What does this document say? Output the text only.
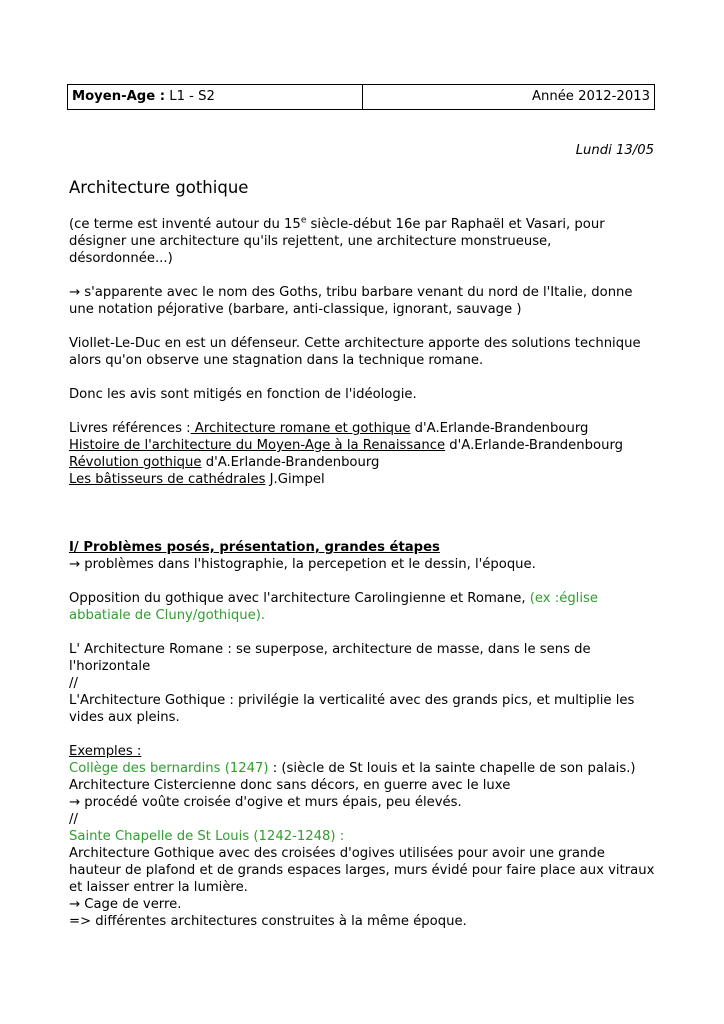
Moyen-Age : L1 - S2	Année 2012-2013
Lundi 13/05
Architecture gothique

(ce terme est inventé autour du 15e siècle-début 16e par Raphaël et Vasari, pour désigner une architecture qu'ils rejettent, une architecture monstrueuse, désordonnée...)

→ s'apparente avec le nom des Goths, tribu barbare venant du nord de l'Italie, donne une notation péjorative (barbare, anti-classique, ignorant, sauvage )

Viollet-Le-Duc en est un défenseur. Cette architecture apporte des solutions technique alors qu'on observe une stagnation dans la technique romane.

Donc les avis sont mitigés en fonction de l'idéologie.

Livres références : Architecture romane et gothique d'A.Erlande-Brandenbourg

Histoire de l'architecture du Moyen-Age à la Renaissance d'A.Erlande-Brandenbourg

Révolution gothique d'A.Erlande-Brandenbourg

Les bâtisseurs de cathédrales J.Gimpel

I/ Problèmes posés, présentation, grandes étapes

→ problèmes dans l'histographie, la percepetion et le dessin, l'époque.

Opposition du gothique avec l'architecture Carolingienne et Romane, (ex :église abbatiale de Cluny/gothique).

L' Architecture Romane : se superpose, architecture de masse, dans le sens de l'horizontale

//

L'Architecture Gothique : privilégie la verticalité avec des grands pics, et multiplie les vides aux pleins.

Exemples :

Collège des bernardins (1247) : (siècle de St louis et la sainte chapelle de son palais.)

Architecture Cistercienne donc sans décors, en guerre avec le luxe

→ procédé voûte croisée d'ogive et murs épais, peu élevés.

//

Sainte Chapelle de St Louis (1242-1248) :

Architecture Gothique avec des croisées d'ogives utilisées pour avoir une grande hauteur de plafond et de grands espaces larges, murs évidé pour faire place aux vitraux et laisser entrer la lumière.

→ Cage de verre.

=> différentes architectures construites à la même époque.
